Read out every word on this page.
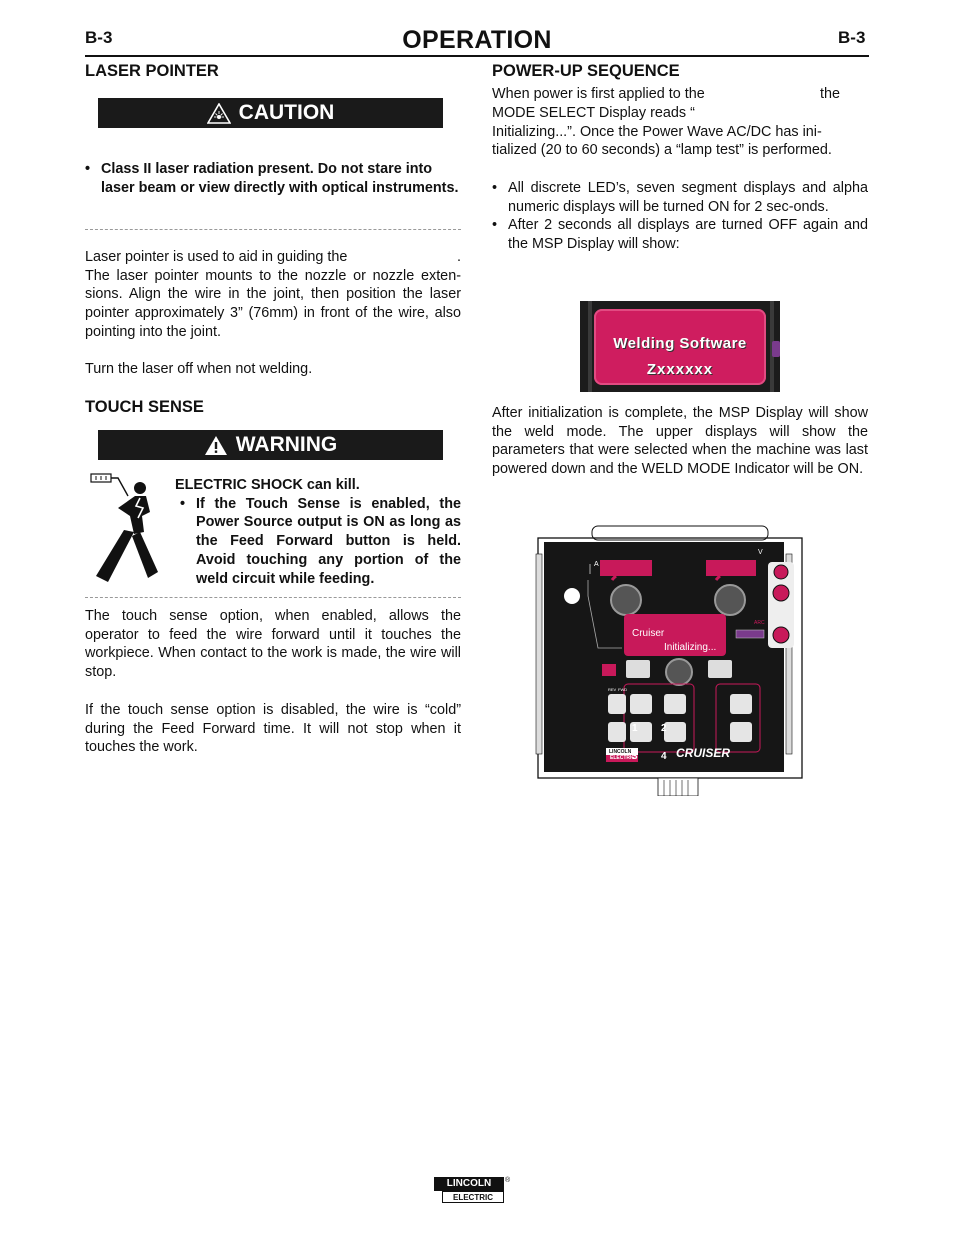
B-3	OPERATION	B-3
LASER POINTER
CAUTION
• Class II laser radiation present. Do not stare into laser beam or view directly with optical instruments.
Laser pointer is used to aid in guiding the	.
The laser pointer mounts to the nozzle or nozzle exten-sions. Align the wire in the joint, then position the laser pointer approximately 3” (76mm) in front of the wire, also pointing into the joint.
Turn the laser off when not welding.
TOUCH SENSE
WARNING
ELECTRIC SHOCK can kill.
• If the Touch Sense is enabled, the Power Source output is ON as long as the Feed Forward button is held. Avoid touching any portion of the weld circuit while feeding.
The touch sense option, when enabled, allows the operator to feed the wire forward until it touches the workpiece. When contact to the work is made, the wire will stop.
If the touch sense option is disabled, the wire is “cold” during the Feed Forward time. It will not stop when it touches the work.
POWER-UP SEQUENCE
When power is first applied to the	the
MODE SELECT Display reads “
Initializing...”. Once the Power Wave AC/DC has ini-
tialized (20 to 60 seconds) a “lamp test” is performed.
• All discrete LED’s, seven segment displays and alpha numeric displays will be turned ON for 2 sec-onds.
• After 2 seconds all displays are turned OFF again and the MSP Display will show:
Welding Software
Zxxxxxx
After initialization is complete, the MSP Display will show the weld mode. The upper displays will show the parameters that were selected when the machine was last powered down and the WELD MODE Indicator will be ON.
A
V
ARC
REV FWD
Cruiser
Initializing...
1 2
3 4
LINCOLN
ELECTRIC	CRUISER
LINCOLN
ELECTRIC
®
